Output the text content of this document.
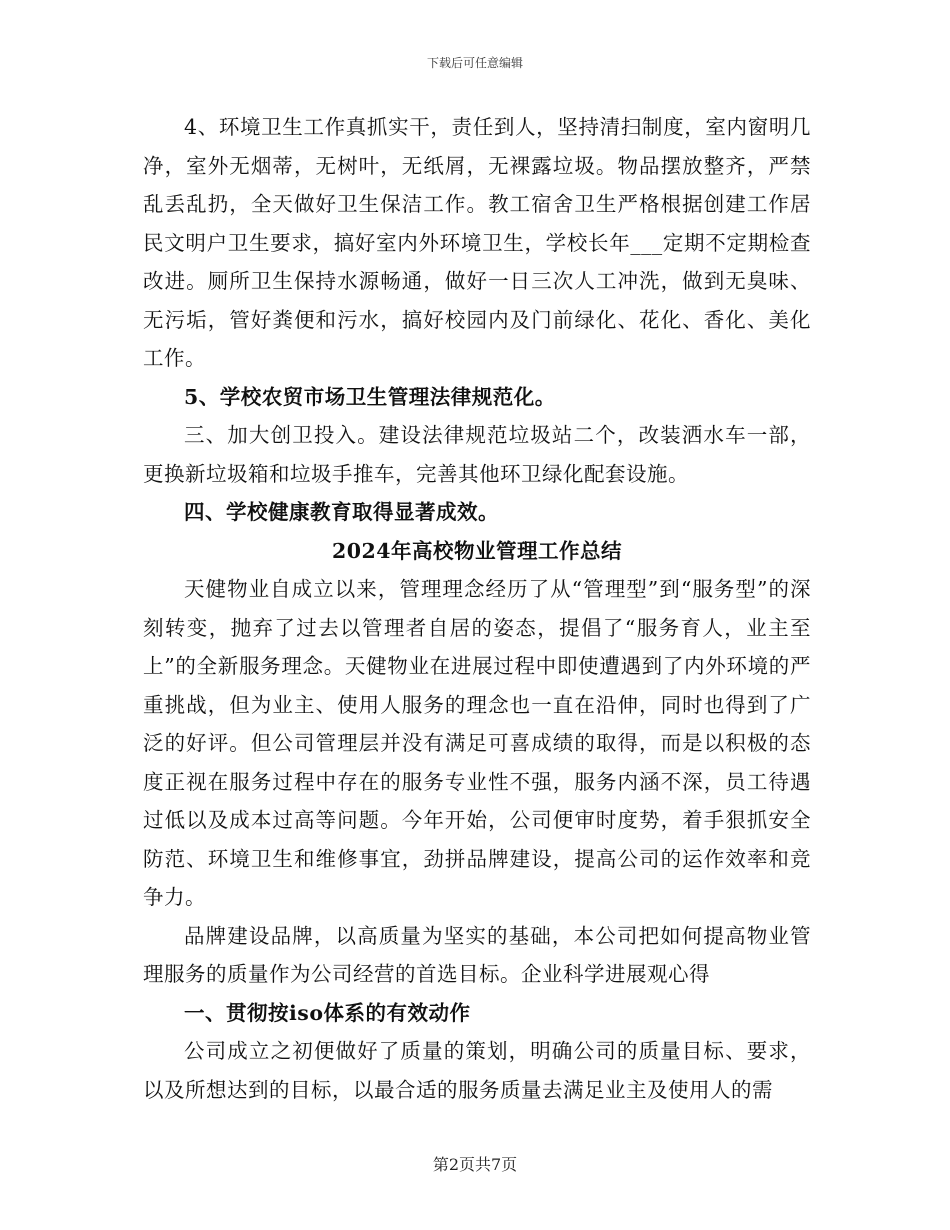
下载后可任意编辑

4、环境卫生工作真抓实干，责任到人，坚持清扫制度，室内窗明几净，室外无烟蒂，无树叶，无纸屑，无裸露垃圾。物品摆放整齐，严禁乱丢乱扔，全天做好卫生保洁工作。教工宿舍卫生严格根据创建工作居民文明户卫生要求，搞好室内外环境卫生，学校长年___定期不定期检查改进。厕所卫生保持水源畅通，做好一日三次人工冲洗，做到无臭味、无污垢，管好粪便和污水，搞好校园内及门前绿化、花化、香化、美化工作。

5、学校农贸市场卫生管理法律规范化。

三、加大创卫投入。建设法律规范垃圾站二个，改装洒水车一部，更换新垃圾箱和垃圾手推车，完善其他环卫绿化配套设施。

四、学校健康教育取得显著成效。

2024年高校物业管理工作总结

天健物业自成立以来，管理理念经历了从“管理型”到“服务型”的深刻转变，抛弃了过去以管理者自居的姿态，提倡了“服务育人，业主至上”的全新服务理念。天健物业在进展过程中即使遭遇到了内外环境的严重挑战，但为业主、使用人服务的理念也一直在沿伸，同时也得到了广泛的好评。但公司管理层并没有满足可喜成绩的取得，而是以积极的态度正视在服务过程中存在的服务专业性不强，服务内涵不深，员工待遇过低以及成本过高等问题。今年开始，公司便审时度势，着手狠抓安全防范、环境卫生和维修事宜，劲拼品牌建设，提高公司的运作效率和竞争力。

品牌建设品牌，以高质量为坚实的基础，本公司把如何提高物业管理服务的质量作为公司经营的首选目标。企业科学进展观心得

一、贯彻按iso体系的有效动作

公司成立之初便做好了质量的策划，明确公司的质量目标、要求，以及所想达到的目标，以最合适的服务质量去满足业主及使用人的需

第2页共7页
